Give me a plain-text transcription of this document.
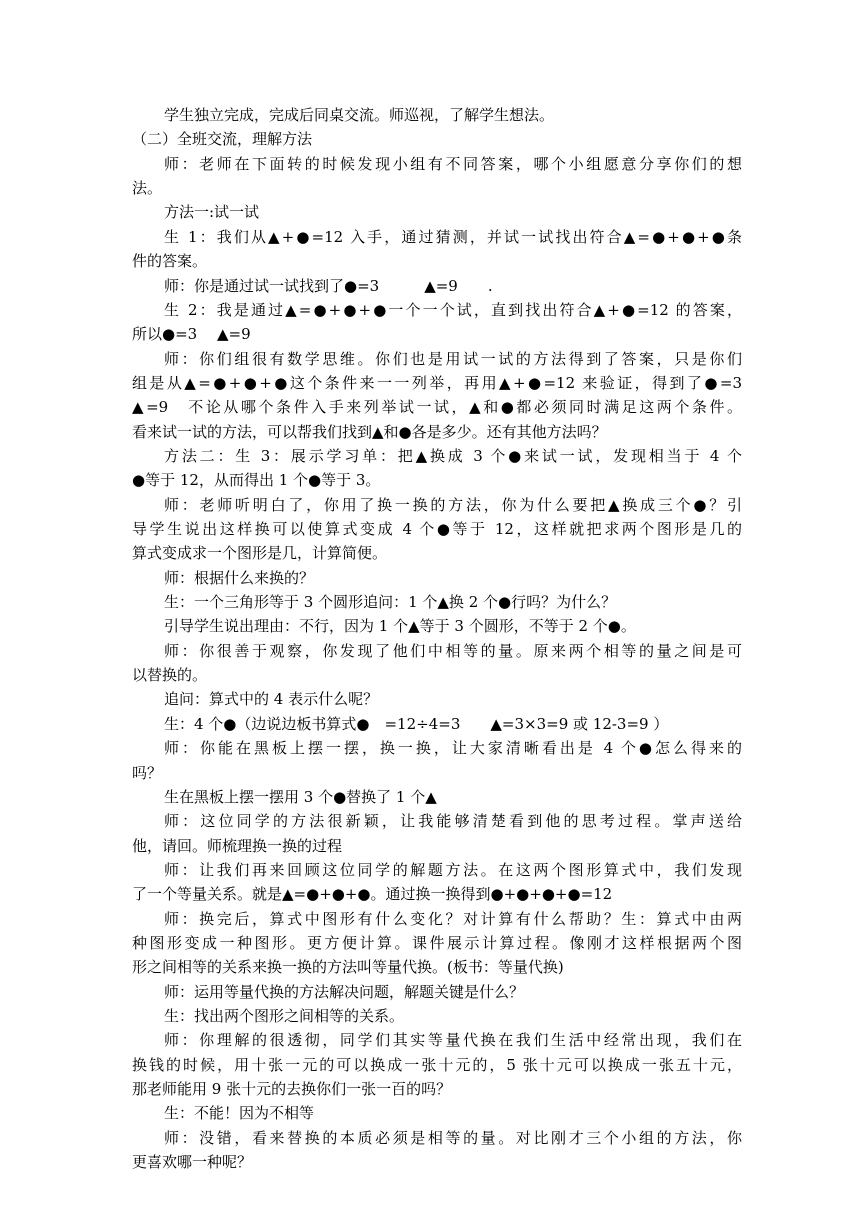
学生独立完成，完成后同桌交流。师巡视，了解学生想法。
（二）全班交流，理解方法
师：老师在下面转的时候发现小组有不同答案，哪个小组愿意分享你们的想
法。
方法一:试一试
生 1：我们从▲+●=12 入手，通过猜测，并试一试找出符合▲=●+●+●条
件的答案。
师：你是通过试一试找到了●=3　　　▲=9　　.
生 2：我是通过▲=●+●+●一个一个试，直到找出符合▲+●=12 的答案，
所以●=3　 ▲=9
师：你们组很有数学思维。你们也是用试一试的方法得到了答案，只是你们
组是从▲=●+●+●这个条件来一一列举，再用▲+●=12 来验证，得到了●=3
▲=9　不论从哪个条件入手来列举试一试，▲和●都必须同时满足这两个条件。
看来试一试的方法，可以帮我们找到▲和●各是多少。还有其他方法吗？
方法二：生 3：展示学习单：把▲换成 3 个●来试一试，发现相当于 4 个
●等于 12，从而得出 1 个●等于 3。
师：老师听明白了，你用了换一换的方法，你为什么要把▲换成三个●？引
导学生说出这样换可以使算式变成 4 个●等于 12，这样就把求两个图形是几的
算式变成求一个图形是几，计算简便。
师：根据什么来换的？
生：一个三角形等于 3 个圆形追问：1 个▲换 2 个●行吗？为什么？
引导学生说出理由：不行，因为 1 个▲等于 3 个圆形，不等于 2 个●。
师：你很善于观察，你发现了他们中相等的量。原来两个相等的量之间是可
以替换的。
追问：算式中的 4 表示什么呢？
生：4 个●（边说边板书算式●　=12÷4=3　　▲=3×3=9 或 12-3=9 ）
师：你能在黑板上摆一摆，换一换，让大家清晰看出是 4 个●怎么得来的
吗？
生在黑板上摆一摆用 3 个●替换了 1 个▲
师：这位同学的方法很新颖，让我能够清楚看到他的思考过程。掌声送给
他，请回。师梳理换一换的过程
师：让我们再来回顾这位同学的解题方法。在这两个图形算式中，我们发现
了一个等量关系。就是▲=●+●+●。通过换一换得到●+●+●+●=12
师：换完后，算式中图形有什么变化？对计算有什么帮助？生：算式中由两
种图形变成一种图形。更方便计算。课件展示计算过程。像刚才这样根据两个图
形之间相等的关系来换一换的方法叫等量代换。(板书：等量代换)
师：运用等量代换的方法解决问题，解题关键是什么？
生：找出两个图形之间相等的关系。
师：你理解的很透彻，同学们其实等量代换在我们生活中经常出现，我们在
换钱的时候，用十张一元的可以换成一张十元的，5 张十元可以换成一张五十元，
那老师能用 9 张十元的去换你们一张一百的吗？
生：不能！因为不相等
师：没错，看来替换的本质必须是相等的量。对比刚才三个小组的方法，你
更喜欢哪一种呢？
